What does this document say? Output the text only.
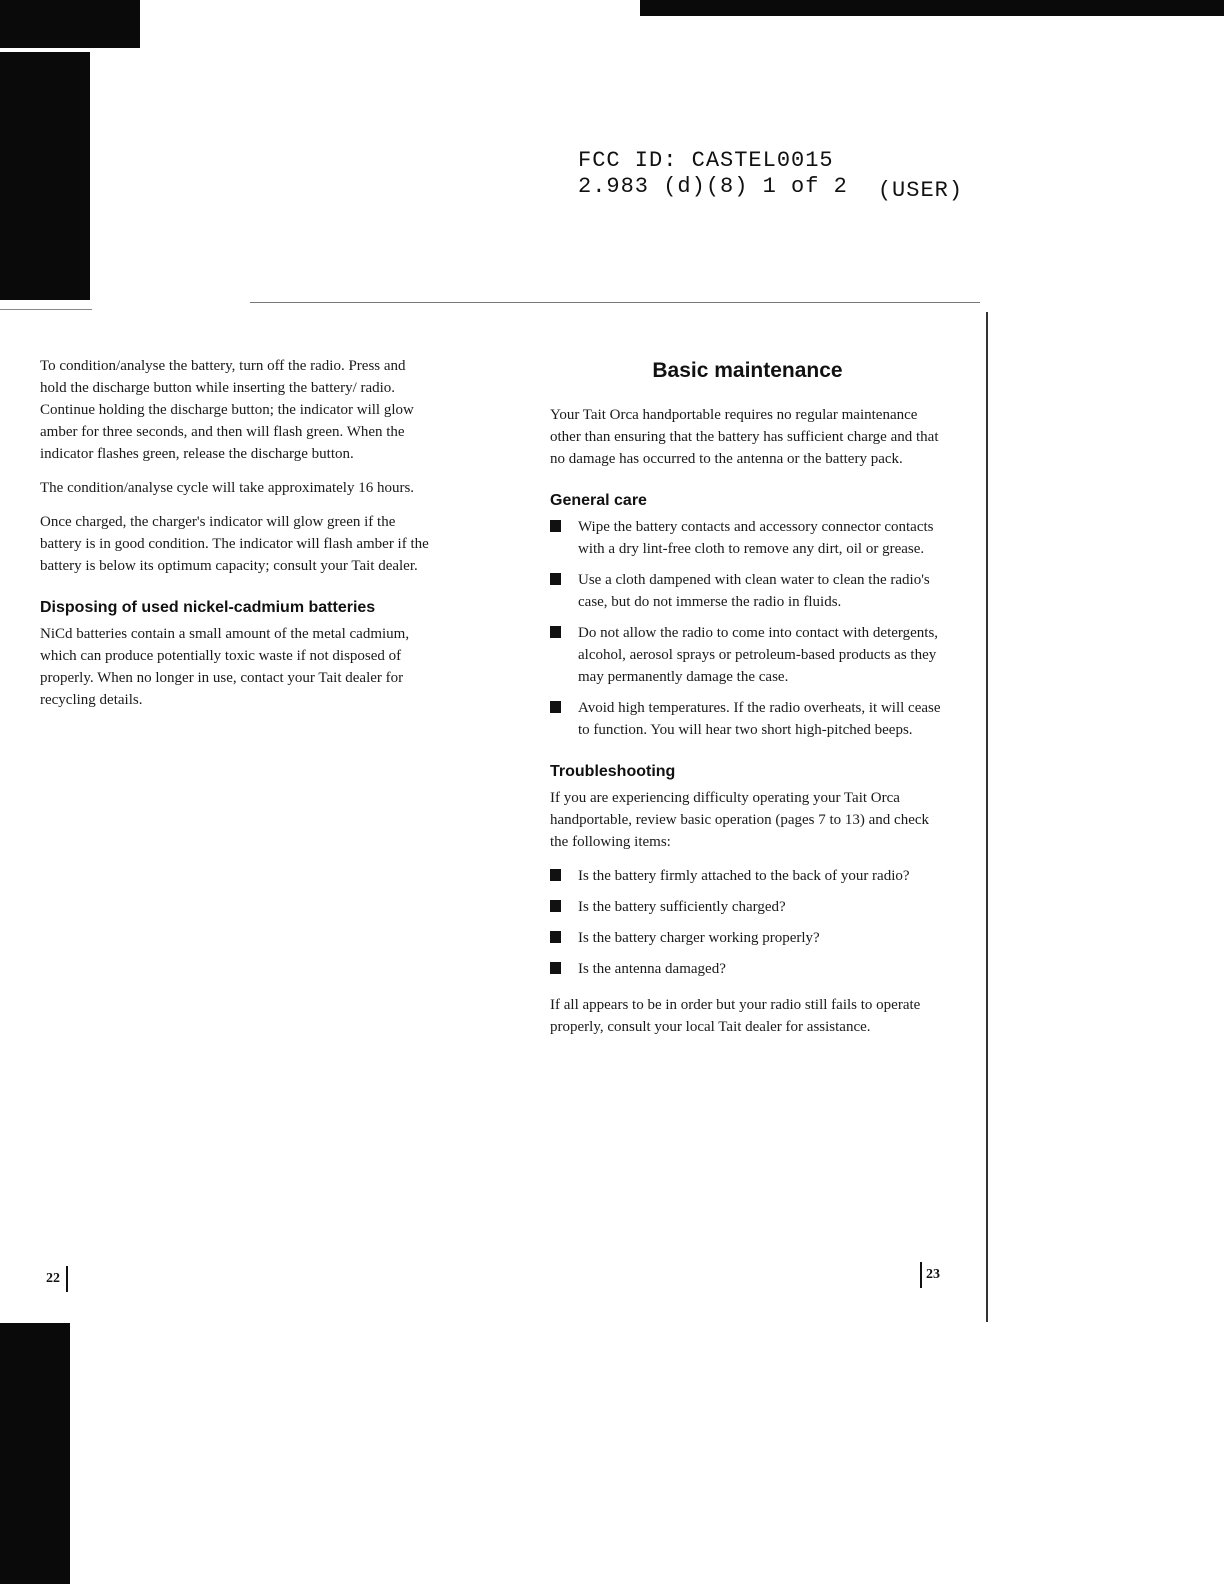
FCC ID: CASTEL0015
2.983 (d)(8) 1 of 2 (USER)

To condition/analyse the battery, turn off the radio. Press and hold the discharge button while inserting the battery/ radio. Continue holding the discharge button; the indicator will glow amber for three seconds, and then will flash green. When the indicator flashes green, release the discharge button.

The condition/analyse cycle will take approximately 16 hours.

Once charged, the charger's indicator will glow green if the battery is in good condition. The indicator will flash amber if the battery is below its optimum capacity; consult your Tait dealer.

Disposing of used nickel-cadmium batteries

NiCd batteries contain a small amount of the metal cadmium, which can produce potentially toxic waste if not disposed of properly. When no longer in use, contact your Tait dealer for recycling details.

Basic maintenance

Your Tait Orca handportable requires no regular maintenance other than ensuring that the battery has sufficient charge and that no damage has occurred to the antenna or the battery pack.

General care
Wipe the battery contacts and accessory connector contacts with a dry lint-free cloth to remove any dirt, oil or grease.
Use a cloth dampened with clean water to clean the radio's case, but do not immerse the radio in fluids.
Do not allow the radio to come into contact with detergents, alcohol, aerosol sprays or petroleum-based products as they may permanently damage the case.
Avoid high temperatures. If the radio overheats, it will cease to function. You will hear two short high-pitched beeps.
Troubleshooting

If you are experiencing difficulty operating your Tait Orca handportable, review basic operation (pages 7 to 13) and check the following items:

Is the battery firmly attached to the back of your radio?
Is the battery sufficiently charged?
Is the battery charger working properly?
Is the antenna damaged?

If all appears to be in order but your radio still fails to operate properly, consult your local Tait dealer for assistance.

22	23
